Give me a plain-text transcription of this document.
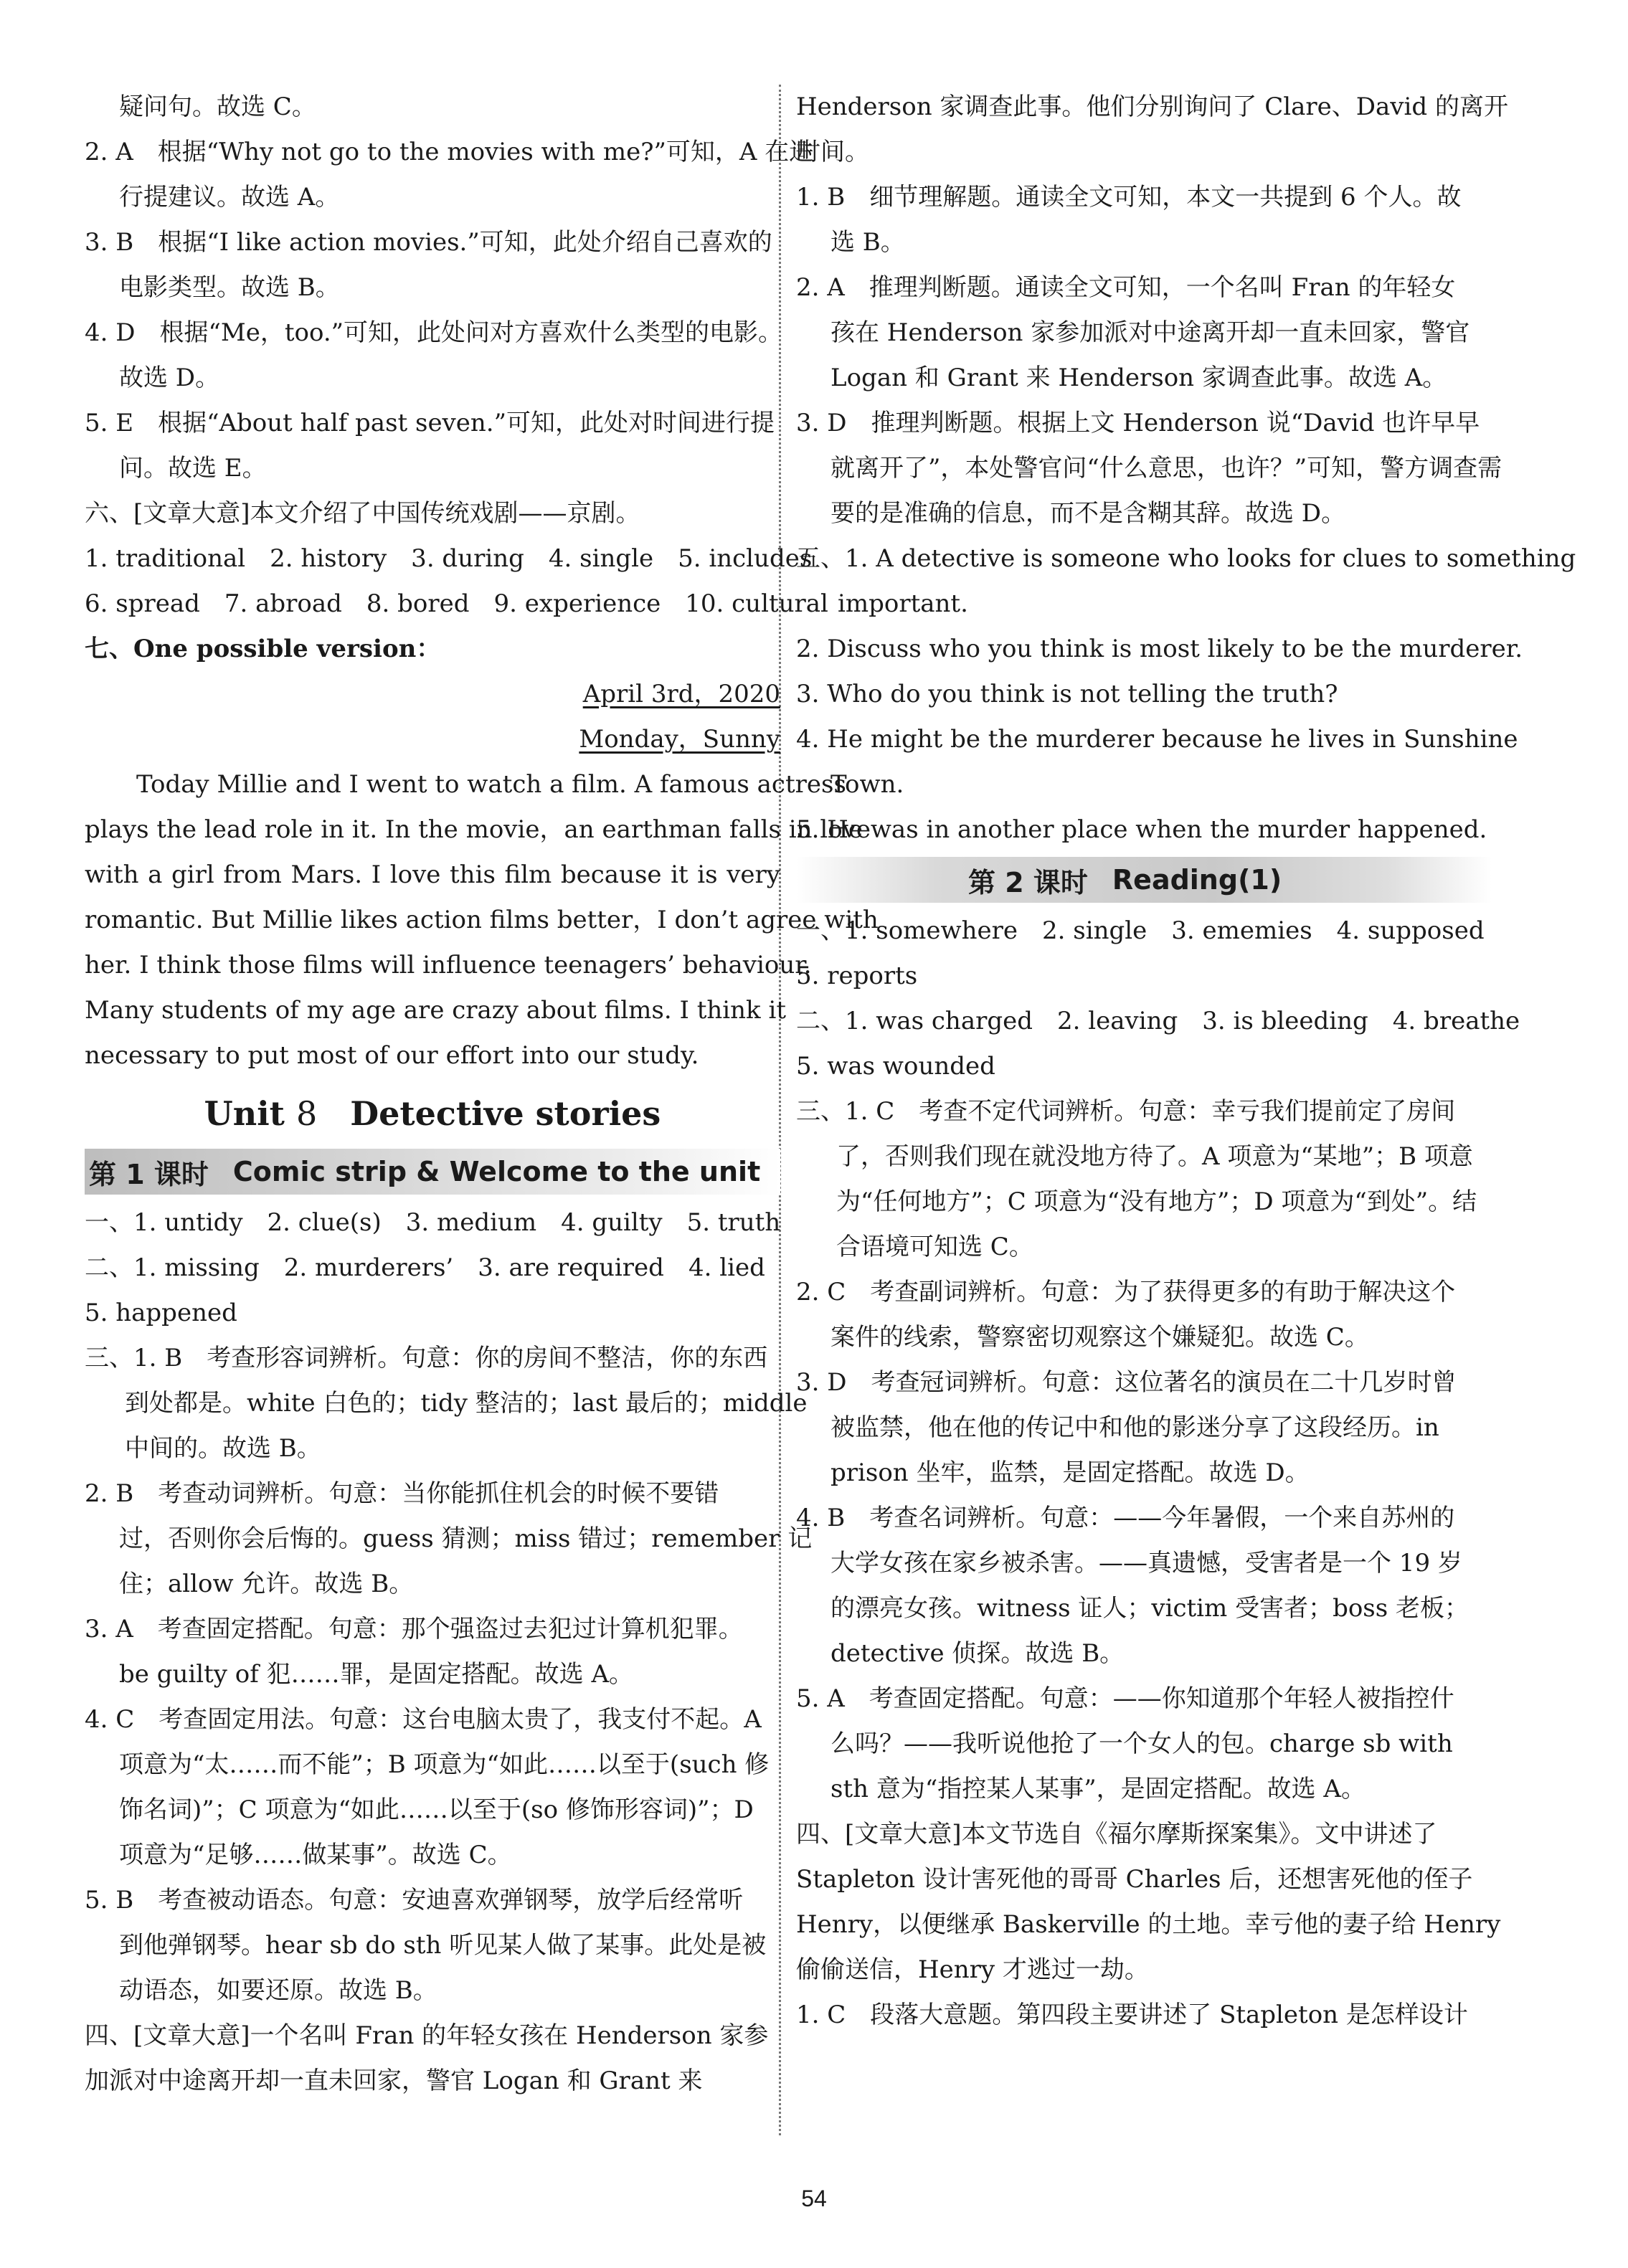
疑问句。故选 C。

2. A　根据“Why not go to the movies with me?”可知，A 在进

行提建议。故选 A。

3. B　根据“I like action movies.”可知，此处介绍自己喜欢的

电影类型。故选 B。

4. D　根据“Me，too.”可知，此处问对方喜欢什么类型的电影。

故选 D。

5. E　根据“About half past seven.”可知，此处对时间进行提

问。故选 E。

六、[文章大意]本文介绍了中国传统戏剧——京剧。

1. traditional　2. history　3. during　4. single　5. includes

6. spread　7. abroad　8. bored　9. experience　10. cultural

七、One possible version：

April 3rd，2020

Monday，Sunny

Today Millie and I went to watch a film. A famous actress

plays the lead role in it. In the movie，an earthman falls in love

with a girl from Mars. I love this film because it is very

romantic. But Millie likes action films better，I don’t agree with

her. I think those films will influence teenagers’ behaviour.

Many students of my age are crazy about films. I think it

necessary to put most of our effort into our study.

Unit 8　Detective stories
第 1 课时 Comic strip & Welcome to the unit

一、1. untidy　2. clue(s)　3. medium　4. guilty　5. truth

二、1. missing　2. murderers’　3. are required　4. lied

5. happened

三、1. B　考查形容词辨析。句意：你的房间不整洁，你的东西

到处都是。white 白色的；tidy 整洁的；last 最后的；middle

中间的。故选 B。

2. B　考查动词辨析。句意：当你能抓住机会的时候不要错

过，否则你会后悔的。guess 猜测；miss 错过；remember 记

住；allow 允许。故选 B。

3. A　考查固定搭配。句意：那个强盗过去犯过计算机犯罪。

be guilty of 犯……罪，是固定搭配。故选 A。

4. C　考查固定用法。句意：这台电脑太贵了，我支付不起。A

项意为“太……而不能”；B 项意为“如此……以至于(such 修

饰名词)”；C 项意为“如此……以至于(so 修饰形容词)”；D

项意为“足够……做某事”。故选 C。

5. B　考查被动语态。句意：安迪喜欢弹钢琴，放学后经常听

到他弹钢琴。hear sb do sth 听见某人做了某事。此处是被

动语态，如要还原。故选 B。

四、[文章大意]一个名叫 Fran 的年轻女孩在 Henderson 家参

加派对中途离开却一直未回家，警官 Logan 和 Grant 来

Henderson 家调查此事。他们分别询问了 Clare、David 的离开

时间。

1. B　细节理解题。通读全文可知，本文一共提到 6 个人。故

选 B。

2. A　推理判断题。通读全文可知，一个名叫 Fran 的年轻女

孩在 Henderson 家参加派对中途离开却一直未回家，警官

Logan 和 Grant 来 Henderson 家调查此事。故选 A。

3. D　推理判断题。根据上文 Henderson 说“David 也许早早

就离开了”，本处警官问“什么意思，也许？”可知，警方调查需

要的是准确的信息，而不是含糊其辞。故选 D。

五、1. A detective is someone who looks for clues to something

important.

2. Discuss who you think is most likely to be the murderer.

3. Who do you think is not telling the truth?

4. He might be the murderer because he lives in Sunshine

Town.

5. He was in another place when the murder happened.

第 2 课时 Reading(1)

一、1. somewhere　2. single　3. ememies　4. supposed

5. reports

二、1. was charged　2. leaving　3. is bleeding　4. breathe

5. was wounded

三、1. C　考查不定代词辨析。句意：幸亏我们提前定了房间

了，否则我们现在就没地方待了。A 项意为“某地”；B 项意

为“任何地方”；C 项意为“没有地方”；D 项意为“到处”。结

合语境可知选 C。

2. C　考查副词辨析。句意：为了获得更多的有助于解决这个

案件的线索，警察密切观察这个嫌疑犯。故选 C。

3. D　考查冠词辨析。句意：这位著名的演员在二十几岁时曾

被监禁，他在他的传记中和他的影迷分享了这段经历。in

prison 坐牢，监禁，是固定搭配。故选 D。

4. B　考查名词辨析。句意：——今年暑假，一个来自苏州的

大学女孩在家乡被杀害。——真遗憾，受害者是一个 19 岁

的漂亮女孩。witness 证人；victim 受害者；boss 老板；

detective 侦探。故选 B。

5. A　考查固定搭配。句意：——你知道那个年轻人被指控什

么吗？——我听说他抢了一个女人的包。charge sb with

sth 意为“指控某人某事”，是固定搭配。故选 A。

四、[文章大意]本文节选自《福尔摩斯探案集》。文中讲述了

Stapleton 设计害死他的哥哥 Charles 后，还想害死他的侄子

Henry，以便继承 Baskerville 的土地。幸亏他的妻子给 Henry

偷偷送信，Henry 才逃过一劫。

1. C　段落大意题。第四段主要讲述了 Stapleton 是怎样设计

54
